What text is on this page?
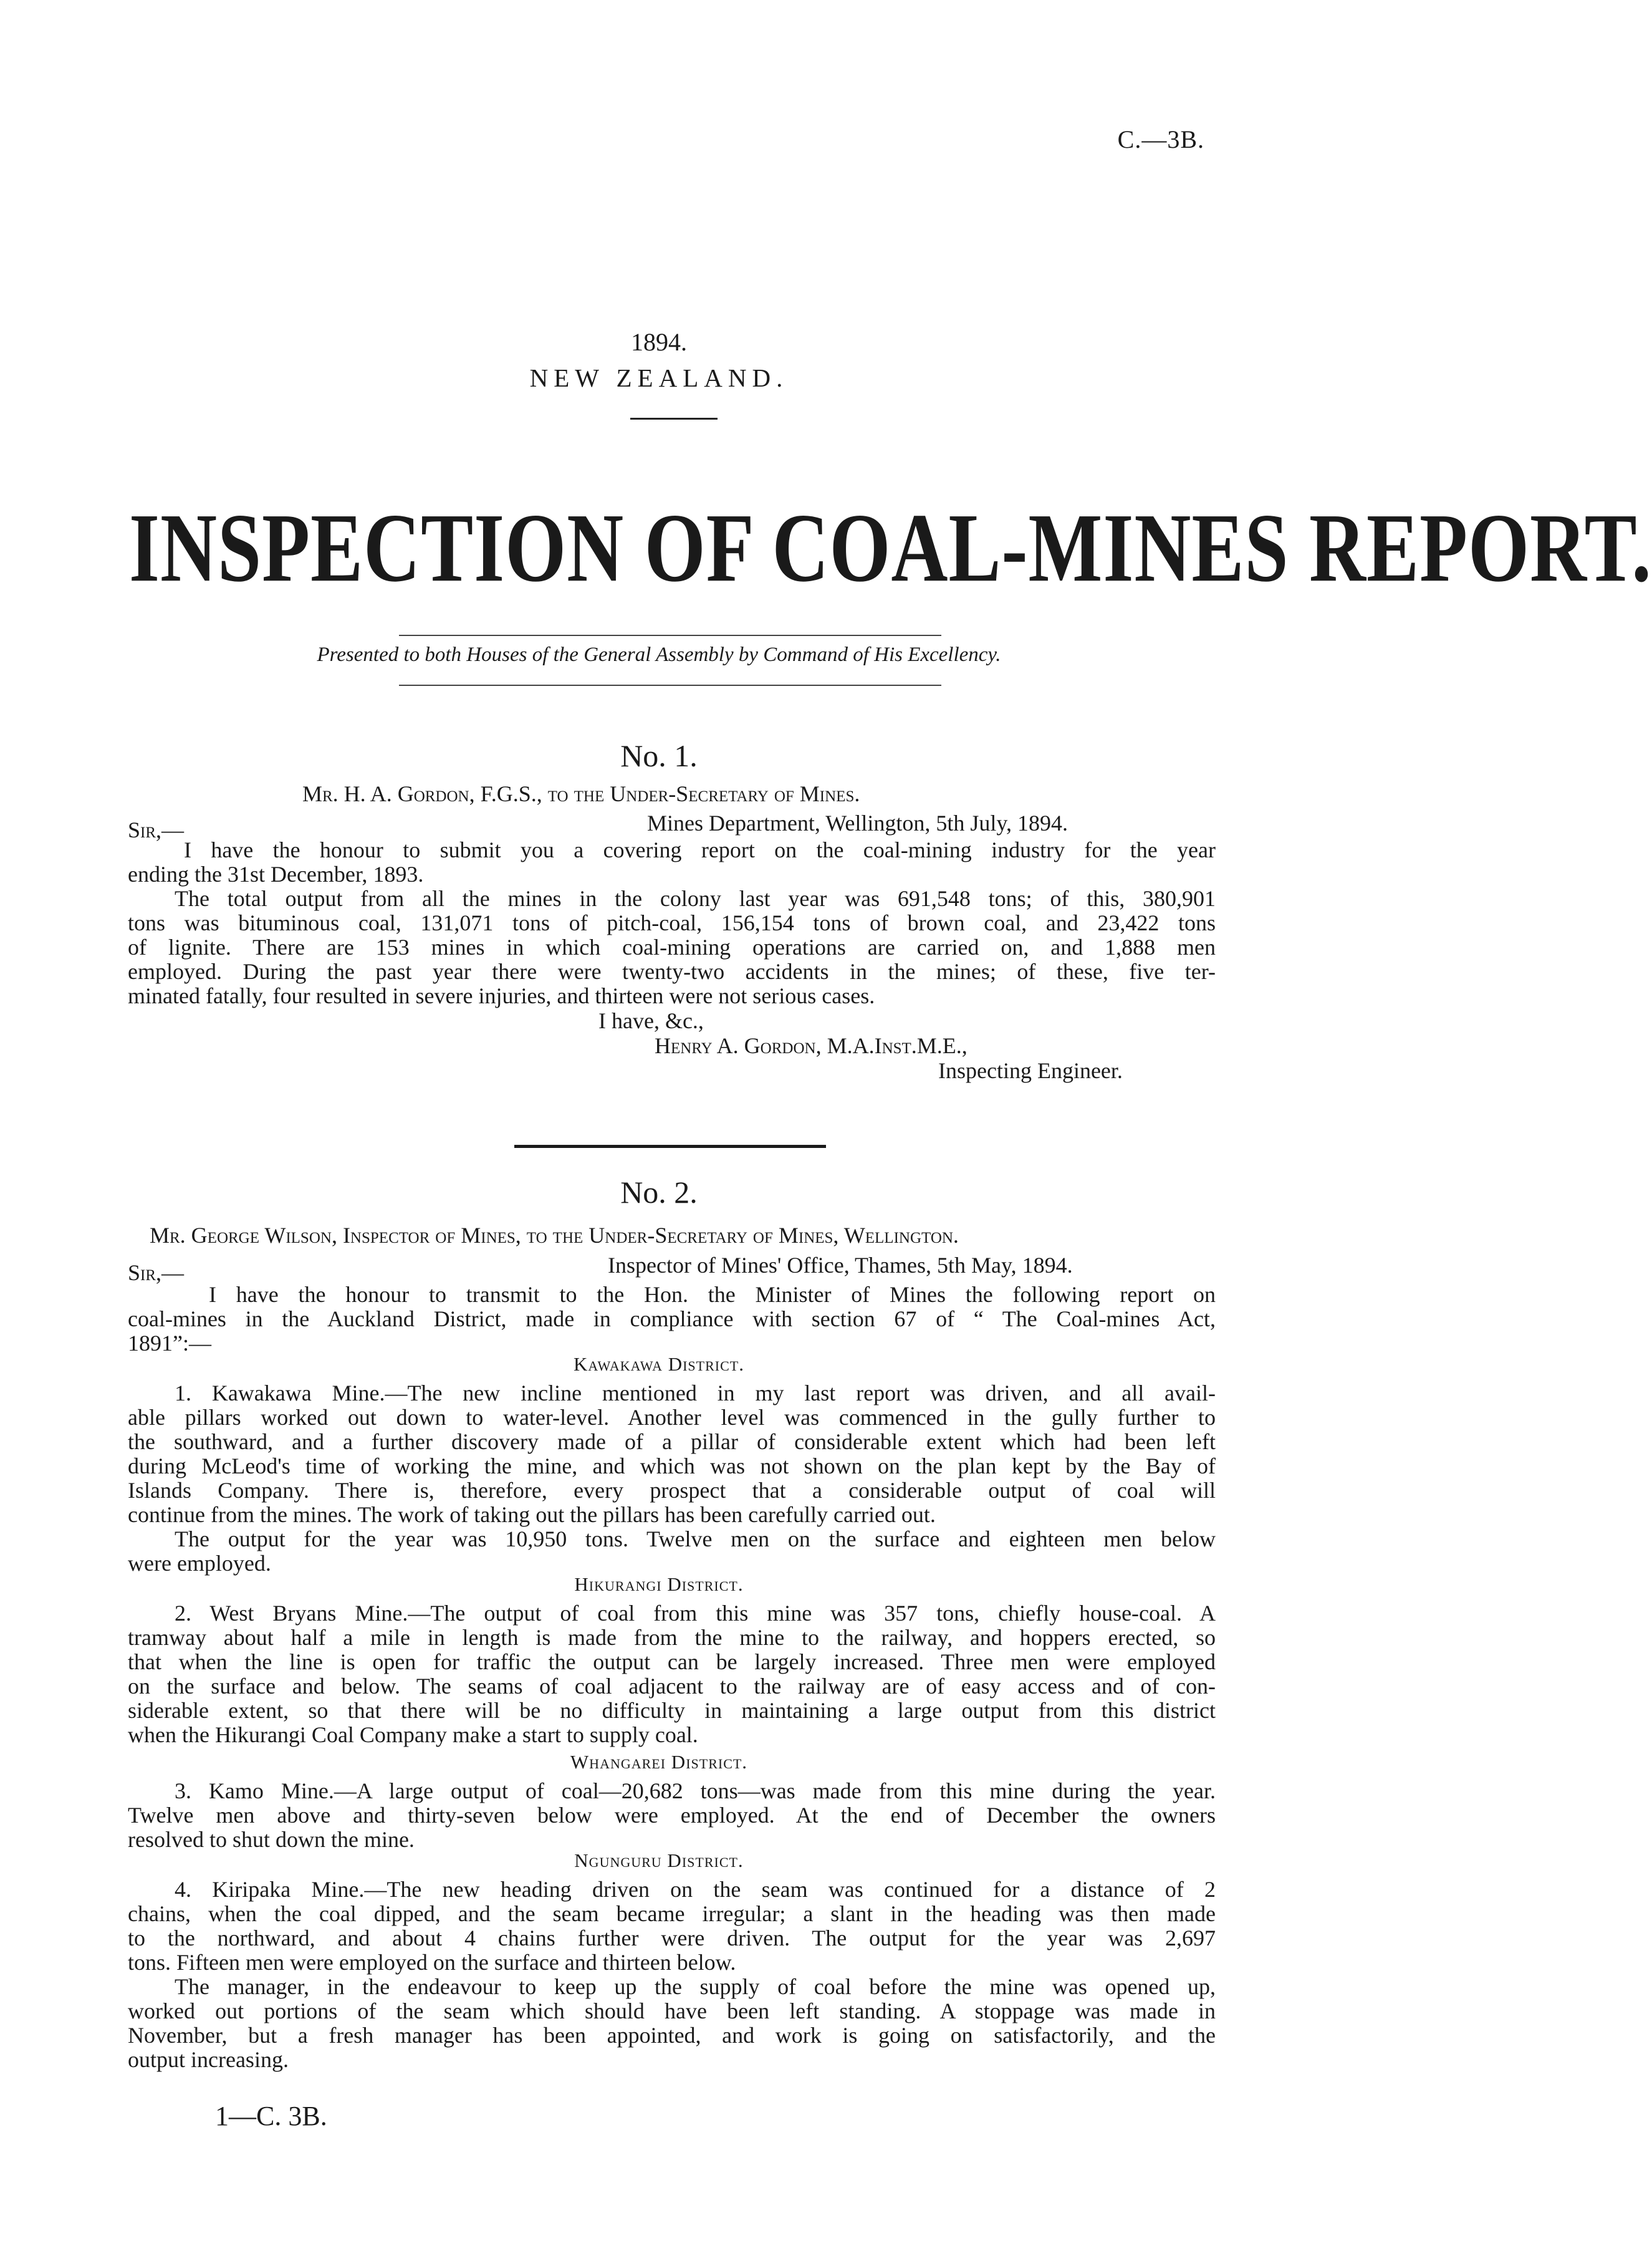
C.—3B.
1894.
NEW ZEALAND.
INSPECTION OF COAL-MINES REPORT.
Presented to both Houses of the General Assembly by Command of His Excellency.
No. 1.
Mr. H. A. Gordon, F.G.S., to the Under-Secretary of Mines.
Sir,—	Mines Department, Wellington, 5th July, 1894.
I have the honour to submit you a covering report on the coal-mining industry for the year
ending the 31st December, 1893.
The total output from all the mines in the colony last year was 691,548 tons; of this, 380,901
tons was bituminous coal, 131,071 tons of pitch-coal, 156,154 tons of brown coal, and 23,422 tons
of lignite. There are 153 mines in which coal-mining operations are carried on, and 1,888 men
employed. During the past year there were twenty-two accidents in the mines; of these, five ter-
minated fatally, four resulted in severe injuries, and thirteen were not serious cases.
I have, &c.,
Henry A. Gordon, M.A.Inst.M.E.,
Inspecting Engineer.
No. 2.
Mr. George Wilson, Inspector of Mines, to the Under-Secretary of Mines, Wellington.
Sir,—	Inspector of Mines' Office, Thames, 5th May, 1894.
I have the honour to transmit to the Hon. the Minister of Mines the following report on
coal-mines in the Auckland District, made in compliance with section 67 of “ The Coal-mines Act,
1891”:—
Kawakawa District.
1. Kawakawa Mine.—The new incline mentioned in my last report was driven, and all avail-
able pillars worked out down to water-level. Another level was commenced in the gully further to
the southward, and a further discovery made of a pillar of considerable extent which had been left
during McLeod's time of working the mine, and which was not shown on the plan kept by the Bay of
Islands Company. There is, therefore, every prospect that a considerable output of coal will
continue from the mines. The work of taking out the pillars has been carefully carried out.
The output for the year was 10,950 tons. Twelve men on the surface and eighteen men below
were employed.
Hikurangi District.
2. West Bryans Mine.—The output of coal from this mine was 357 tons, chiefly house-coal. A
tramway about half a mile in length is made from the mine to the railway, and hoppers erected, so
that when the line is open for traffic the output can be largely increased. Three men were employed
on the surface and below. The seams of coal adjacent to the railway are of easy access and of con-
siderable extent, so that there will be no difficulty in maintaining a large output from this district
when the Hikurangi Coal Company make a start to supply coal.
Whangarei District.
3. Kamo Mine.—A large output of coal—20,682 tons—was made from this mine during the year.
Twelve men above and thirty-seven below were employed. At the end of December the owners
resolved to shut down the mine.
Ngunguru District.
4. Kiripaka Mine.—The new heading driven on the seam was continued for a distance of 2
chains, when the coal dipped, and the seam became irregular; a slant in the heading was then made
to the northward, and about 4 chains further were driven. The output for the year was 2,697
tons. Fifteen men were employed on the surface and thirteen below.
The manager, in the endeavour to keep up the supply of coal before the mine was opened up,
worked out portions of the seam which should have been left standing. A stoppage was made in
November, but a fresh manager has been appointed, and work is going on satisfactorily, and the
output increasing.
1—C. 3B.
